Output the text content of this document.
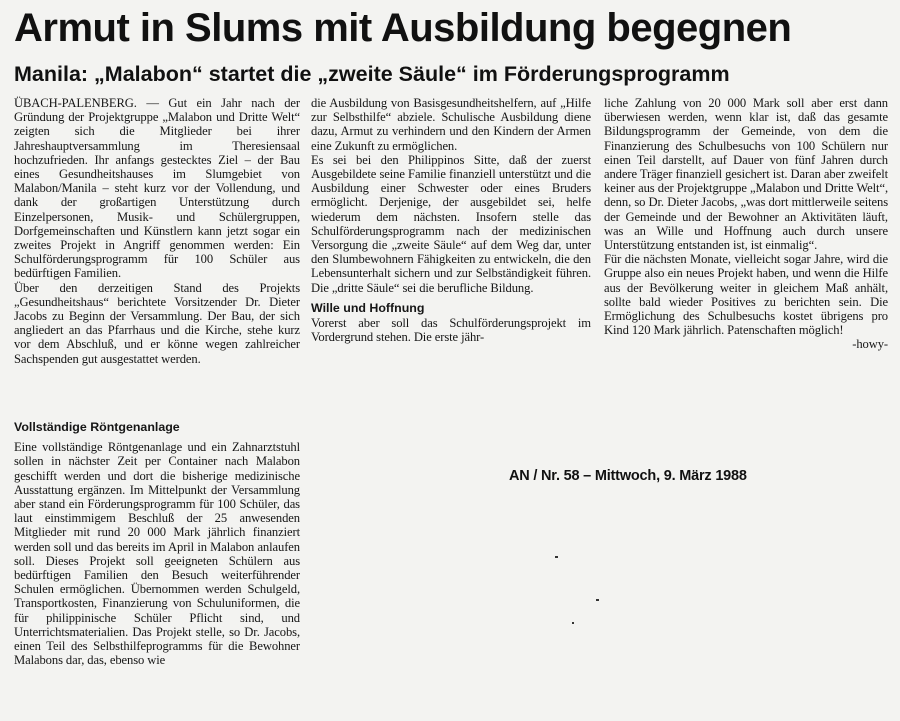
Armut in Slums mit Ausbildung begegnen
Manila: „Malabon“ startet die „zweite Säule“ im Förderungsprogramm

ÜBACH-PALENBERG. — Gut ein Jahr nach der Gründung der Projektgruppe „Malabon und Dritte Welt“ zeigten sich die Mitglieder bei ihrer Jahreshauptversammlung im Theresiensaal hochzufrieden. Ihr anfangs gestecktes Ziel – der Bau eines Gesundheitshauses im Slumgebiet von Malabon/Manila – steht kurz vor der Vollendung, und dank der großartigen Unterstützung durch Einzelpersonen, Musik- und Schülergruppen, Dorfgemeinschaften und Künstlern kann jetzt sogar ein zweites Projekt in Angriff genommen werden: Ein Schulförderungsprogramm für 100 Schüler aus bedürftigen Familien.

Über den derzeitigen Stand des Projekts „Gesundheitshaus“ berichtete Vorsitzender Dr. Dieter Jacobs zu Beginn der Versammlung. Der Bau, der sich angliedert an das Pfarrhaus und die Kirche, stehe kurz vor dem Abschluß, und er könne wegen zahlreicher Sachspenden gut ausgestattet werden.

Vollständige Röntgenanlage

Eine vollständige Röntgenanlage und ein Zahnarztstuhl sollen in nächster Zeit per Container nach Malabon geschifft werden und dort die bisherige medizinische Ausstattung ergänzen. Im Mittelpunkt der Versammlung aber stand ein Förderungsprogramm für 100 Schüler, das laut einstimmigem Beschluß der 25 anwesenden Mitglieder mit rund 20 000 Mark jährlich finanziert werden soll und das bereits im April in Malabon anlaufen soll. Dieses Projekt soll geeigneten Schülern aus bedürftigen Familien den Besuch weiterführender Schulen ermöglichen. Übernommen werden Schulgeld, Transportkosten, Finanzierung von Schuluniformen, die für philippinische Schüler Pflicht sind, und Unterrichtsmaterialien. Das Projekt stelle, so Dr. Jacobs, einen Teil des Selbsthilfeprogramms für die Bewohner Malabons dar, das, ebenso wie

die Ausbildung von Basisgesundheitshelfern, auf „Hilfe zur Selbsthilfe“ abziele. Schulische Ausbildung diene dazu, Armut zu verhindern und den Kindern der Armen eine Zukunft zu ermöglichen.

Es sei bei den Philippinos Sitte, daß der zuerst Ausgebildete seine Familie finanziell unterstützt und die Ausbildung einer Schwester oder eines Bruders ermöglicht. Derjenige, der ausgebildet sei, helfe wiederum dem nächsten. Insofern stelle das Schulförderungsprogramm nach der medizinischen Versorgung die „zweite Säule“ auf dem Weg dar, unter den Slumbewohnern Fähigkeiten zu entwickeln, die den Lebensunterhalt sichern und zur Selbständigkeit führen. Die „dritte Säule“ sei die berufliche Bildung.

Wille und Hoffnung

Vorerst aber soll das Schulförderungsprojekt im Vordergrund stehen. Die erste jähr-

liche Zahlung von 20 000 Mark soll aber erst dann überwiesen werden, wenn klar ist, daß das gesamte Bildungsprogramm der Gemeinde, von dem die Finanzierung des Schulbesuchs von 100 Schülern nur einen Teil darstellt, auf Dauer von fünf Jahren durch andere Träger finanziell gesichert ist. Daran aber zweifelt keiner aus der Projektgruppe „Malabon und Dritte Welt“, denn, so Dr. Dieter Jacobs, „was dort mittlerweile seitens der Gemeinde und der Bewohner an Aktivitäten läuft, was an Wille und Hoffnung auch durch unsere Unterstützung entstanden ist, ist einmalig“.

Für die nächsten Monate, vielleicht sogar Jahre, wird die Gruppe also ein neues Projekt haben, und wenn die Hilfe aus der Bevölkerung weiter in gleichem Maß anhält, sollte bald wieder Positives zu berichten sein. Die Ermöglichung des Schulbesuchs kostet übrigens pro Kind 120 Mark jährlich. Patenschaften möglich!

-howy-
AN / Nr. 58 – Mittwoch, 9. März 1988
